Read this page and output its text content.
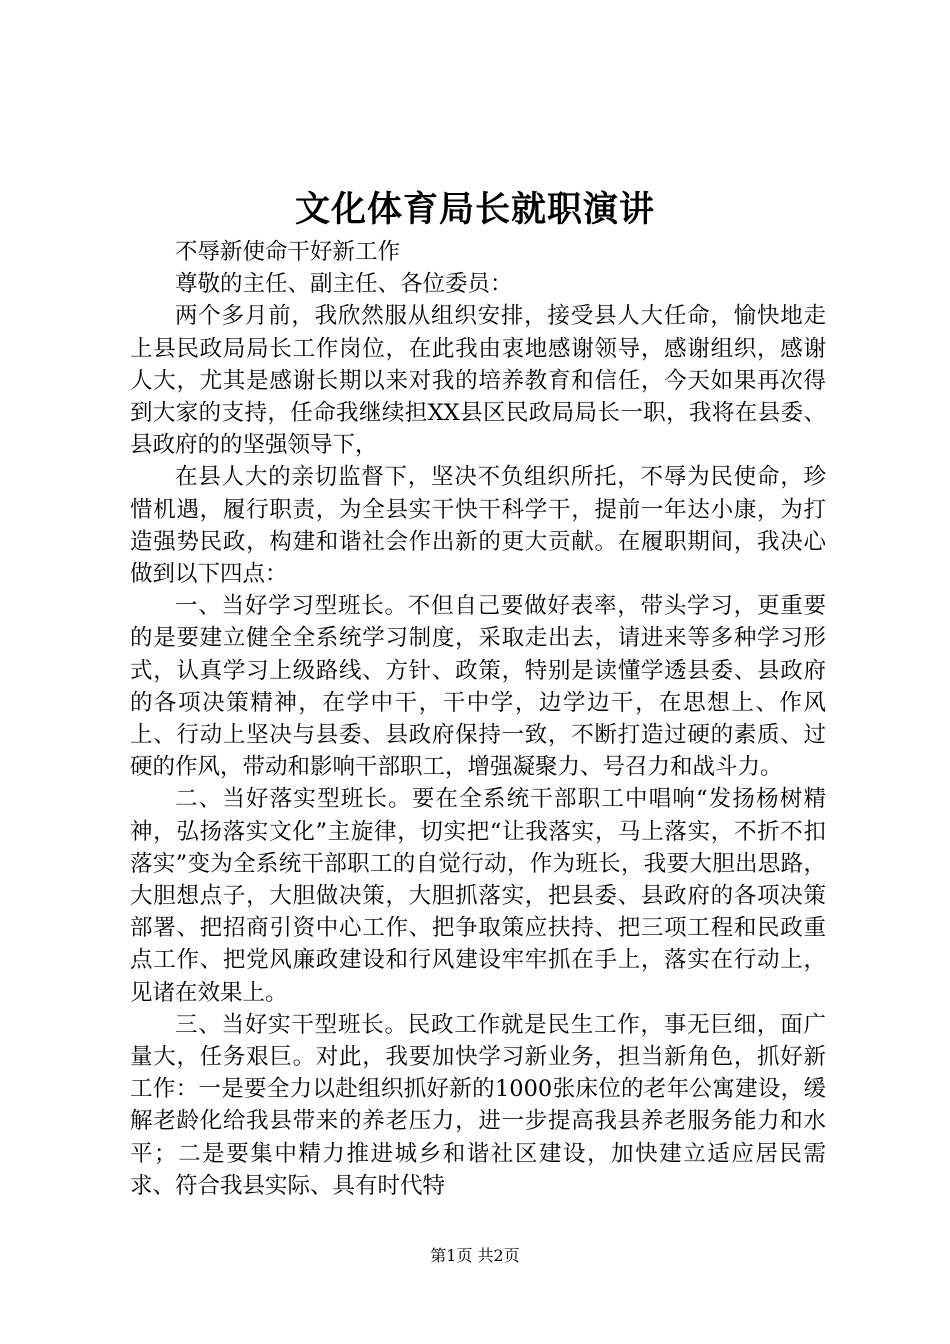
文化体育局长就职演讲

不辱新使命干好新工作

尊敬的主任、副主任、各位委员：

两个多月前，我欣然服从组织安排，接受县人大任命，愉快地走上县民政局局长工作岗位，在此我由衷地感谢领导，感谢组织，感谢人大，尤其是感谢长期以来对我的培养教育和信任，今天如果再次得到大家的支持，任命我继续担XX县区民政局局长一职，我将在县委、县政府的的坚强领导下，

在县人大的亲切监督下，坚决不负组织所托，不辱为民使命，珍惜机遇，履行职责，为全县实干快干科学干，提前一年达小康，为打造强势民政，构建和谐社会作出新的更大贡献。在履职期间，我决心做到以下四点：

一、当好学习型班长。不但自己要做好表率，带头学习，更重要的是要建立健全全系统学习制度，采取走出去，请进来等多种学习形式，认真学习上级路线、方针、政策，特别是读懂学透县委、县政府的各项决策精神，在学中干，干中学，边学边干，在思想上、作风上、行动上坚决与县委、县政府保持一致，不断打造过硬的素质、过硬的作风，带动和影响干部职工，增强凝聚力、号召力和战斗力。

二、当好落实型班长。要在全系统干部职工中唱响“发扬杨树精神，弘扬落实文化”主旋律，切实把“让我落实，马上落实，不折不扣落实”变为全系统干部职工的自觉行动，作为班长，我要大胆出思路，大胆想点子，大胆做决策，大胆抓落实，把县委、县政府的各项决策部署、把招商引资中心工作、把争取策应扶持、把三项工程和民政重点工作、把党风廉政建设和行风建设牢牢抓在手上，落实在行动上，见诸在效果上。

三、当好实干型班长。民政工作就是民生工作，事无巨细，面广量大，任务艰巨。对此，我要加快学习新业务，担当新角色，抓好新工作：一是要全力以赴组织抓好新的1000张床位的老年公寓建设，缓解老龄化给我县带来的养老压力，进一步提高我县养老服务能力和水平；二是要集中精力推进城乡和谐社区建设，加快建立适应居民需求、符合我县实际、具有时代特

第1页 共2页
